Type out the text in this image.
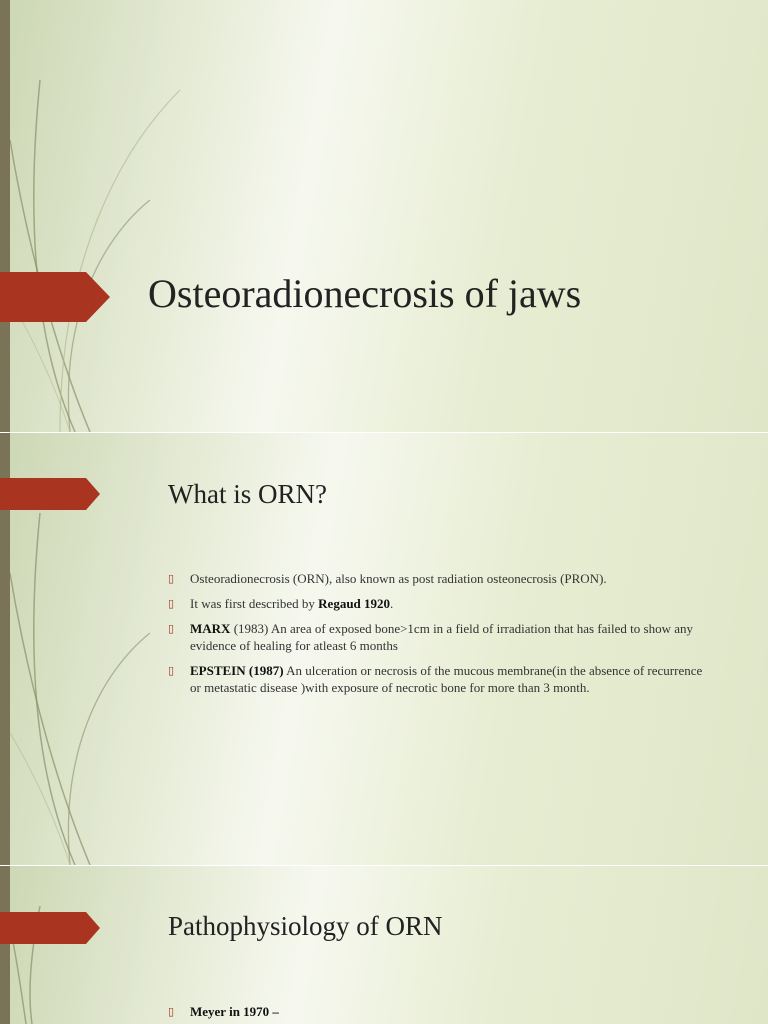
Osteoradionecrosis of jaws
What is ORN?
▯ Osteoradionecrosis (ORN), also known as post radiation osteonecrosis (PRON).
▯ It was first described by Regaud 1920.
▯ MARX (1983) An area of exposed bone>1cm in a field of irradiation that has failed to show any evidence of healing for atleast 6 months
▯ EPSTEIN (1987) An ulceration or necrosis of the mucous membrane(in the absence of recurrence or metastatic disease )with exposure of necrotic bone for more than 3 month.
Pathophysiology of ORN
▯ Meyer in 1970 –
